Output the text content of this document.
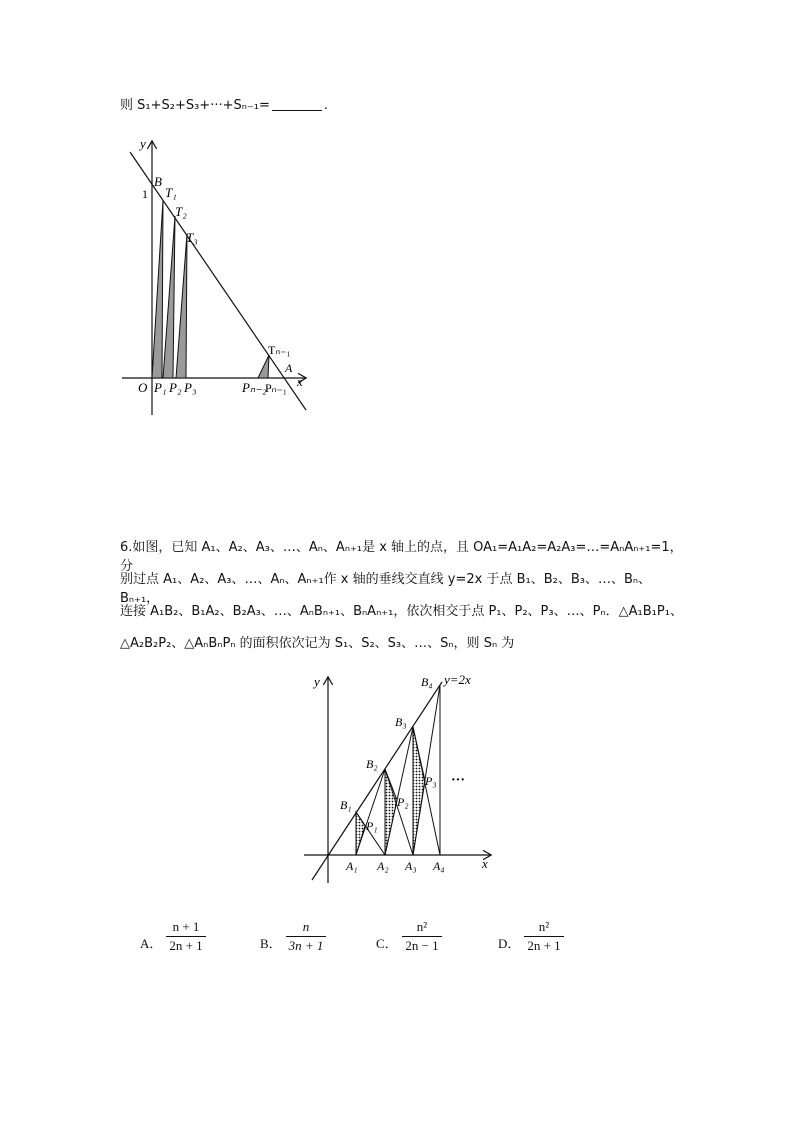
则 S₁+S₂+S₃+···+Sₙ₋₁=	.
y
x
B
1 T₁
T₂
T₃
Tₙ₋₁
A
O P₁ P₂ P₃	Pₙ₋₂
Pₙ₋₁
6.如图，已知 A₁、A₂、A₃、…、Aₙ、Aₙ₊₁是 x 轴上的点，且 OA₁=A₁A₂=A₂A₃=…=AₙAₙ₊₁=1，分
别过点 A₁、A₂、A₃、…、Aₙ、Aₙ₊₁作 x 轴的垂线交直线 y=2x 于点 B₁、B₂、B₃、…、Bₙ、Bₙ₊₁，
连接 A₁B₂、B₁A₂、B₂A₃、…、AₙBₙ₊₁、BₙAₙ₊₁，依次相交于点 P₁、P₂、P₃、…、Pₙ．△A₁B₁P₁、
△A₂B₂P₂、△AₙBₙPₙ 的面积依次记为 S₁、S₂、S₃、…、Sₙ，则 Sₙ 为
y
x
y=2x
B₄
B₃
B₂
B₁
P₁
P₂
P₃ ···
A₁ A₂ A₃ A₄
A． $\frac{n + 1}{2n + 1}$	B． $\frac{n}{3n + 1}$	C． $\frac{\text{n²}}{2n - 1}$	D． $\frac{\text{n²}}{2n + 1}$
